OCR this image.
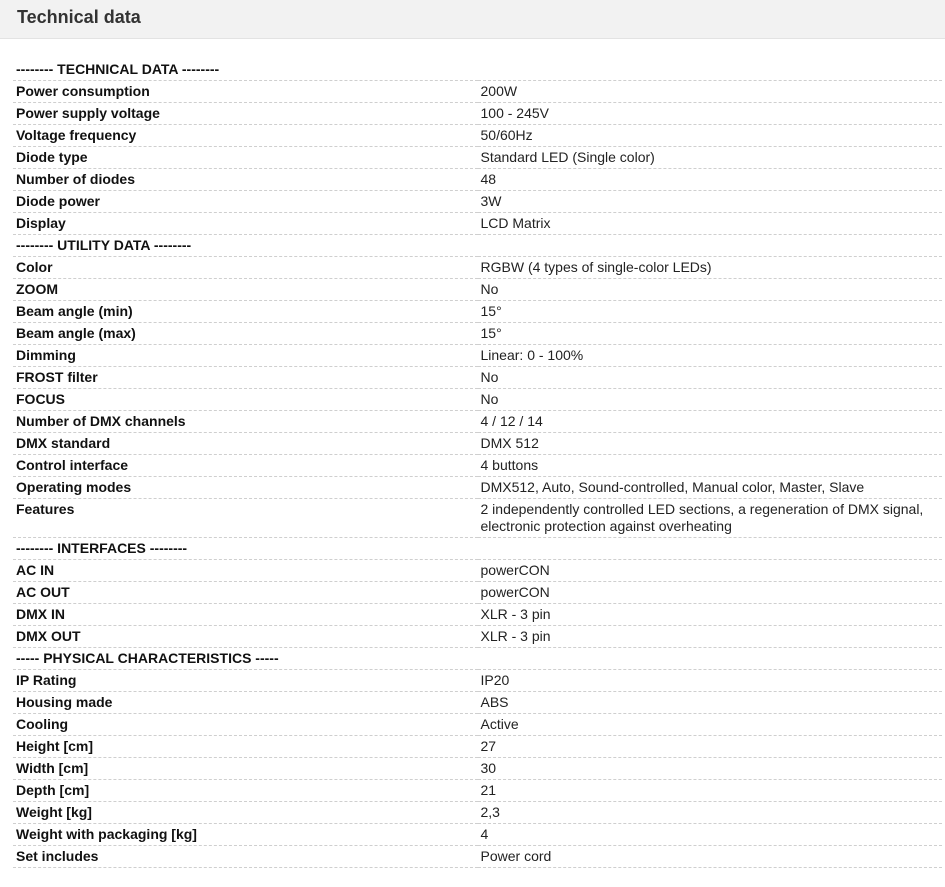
Technical data
-------- TECHNICAL DATA --------	
Power consumption	200W
Power supply voltage	100 - 245V
Voltage frequency	50/60Hz
Diode type	Standard LED (Single color)
Number of diodes	48
Diode power	3W
Display	LCD Matrix
-------- UTILITY DATA --------	
Color	RGBW (4 types of single-color LEDs)
ZOOM	No
Beam angle (min)	15°
Beam angle (max)	15°
Dimming	Linear: 0 - 100%
FROST filter	No
FOCUS	No
Number of DMX channels	4 / 12 / 14
DMX standard	DMX 512
Control interface	4 buttons
Operating modes	DMX512, Auto, Sound-controlled, Manual color, Master, Slave
Features	2 independently controlled LED sections, a regeneration of DMX signal, electronic protection against overheating
-------- INTERFACES --------	
AC IN	powerCON
AC OUT	powerCON
DMX IN	XLR - 3 pin
DMX OUT	XLR - 3 pin
----- PHYSICAL CHARACTERISTICS -----	
IP Rating	IP20
Housing made	ABS
Cooling	Active
Height [cm]	27
Width [cm]	30
Depth [cm]	21
Weight [kg]	2,3
Weight with packaging [kg]	4
Set includes	Power cord
